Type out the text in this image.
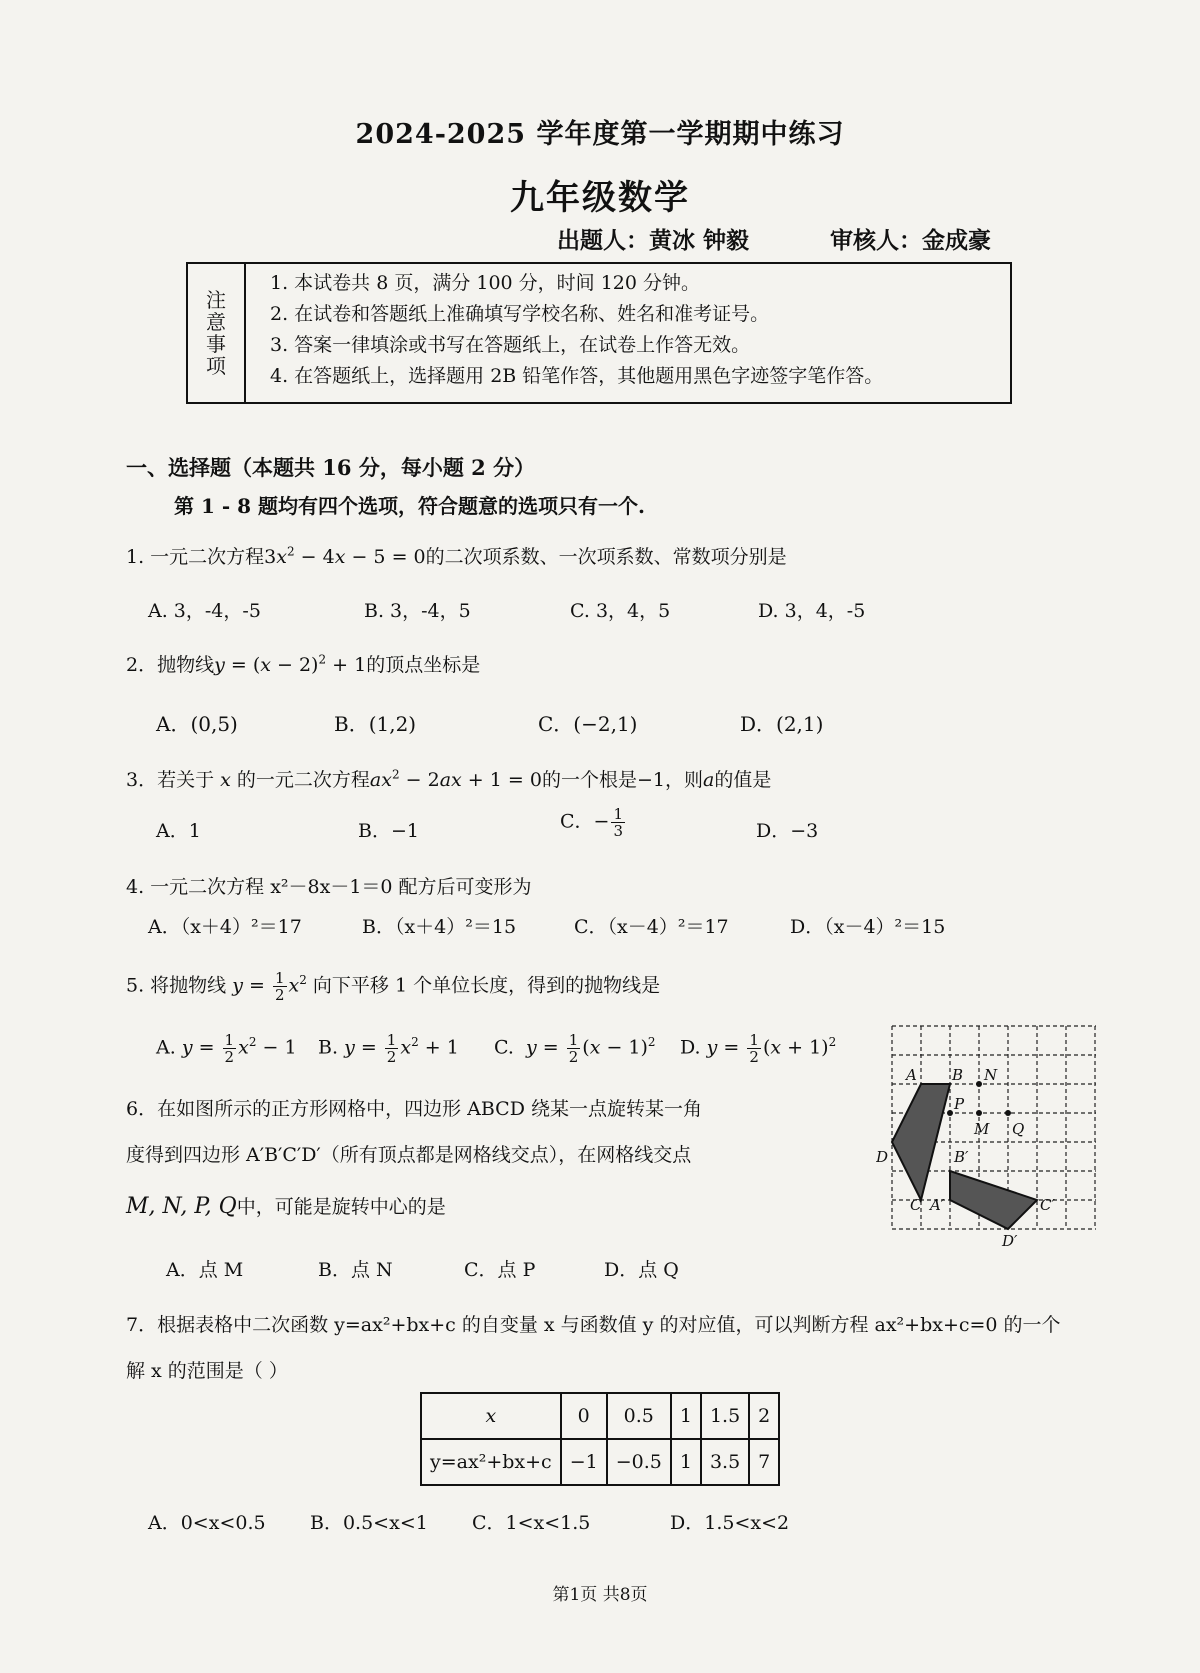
2024-2025 学年度第一学期期中练习
九年级数学
出题人：黄冰 钟毅	审核人：金成豪
注
意
事
项
1. 本试卷共 8 页，满分 100 分，时间 120 分钟。
2. 在试卷和答题纸上准确填写学校名称、姓名和准考证号。
3. 答案一律填涂或书写在答题纸上，在试卷上作答无效。
4. 在答题纸上，选择题用 2B 铅笔作答，其他题用黑色字迹签字笔作答。
一、选择题（本题共 16 分，每小题 2 分）
第 1 - 8 题均有四个选项，符合题意的选项只有一个.
1. 一元二次方程$3x^2 - 4x - 5 = 0$的二次项系数、一次项系数、常数项分别是
A. 3，-4，-5	B. 3，-4，5	C. 3，4，5	D. 3，4，-5
2．抛物线$y = (x - 2)^2 + 1$的顶点坐标是
A．(0,5)	B．(1,2)	C．(−2,1)	D．(2,1)
3．若关于 x 的一元二次方程$ax^2 - 2ax + 1 = 0$的一个根是−1，则a的值是
A．1	B．−1	C．− $\frac{1}{3}$	D．−3
4. 一元二次方程 x²－8x－1＝0 配方后可变形为
A．（x＋4）²＝17	B．（x＋4）²＝15	C．（x－4）²＝17	D．（x－4）²＝15
5. 将抛物线 $y = \frac{1}{2} x^2$ 向下平移 1 个单位长度，得到的抛物线是
A. $y = \frac{1}{2} x^2 - 1$ B. $y = \frac{1}{2} x^2 + 1$ C. $y = \frac{1}{2} (x - 1)^2$ D. $y = \frac{1}{2} (x + 1)^2$
6．在如图所示的正方形网格中，四边形 ABCD 绕某一点旋转某一角
度得到四边形 A′B′C′D′（所有顶点都是网格线交点），在网格线交点
M, N, P, Q中，可能是旋转中心的是
A．点 M	B．点 N	C．点 P	D．点 Q
A B N
P
M Q
D	B′
C A′	C′
D′
7．根据表格中二次函数 y=ax²+bx+c 的自变量 x 与函数值 y 的对应值，可以判断方程 ax²+bx+c=0 的一个
解 x 的范围是（ ）
x	0	0.5	1	1.5	2
y=ax²+bx+c	−1	−0.5	1	3.5	7
A．0<x<0.5 B．0.5<x<1 C．1<x<1.5	D．1.5<x<2
第1页 共8页
